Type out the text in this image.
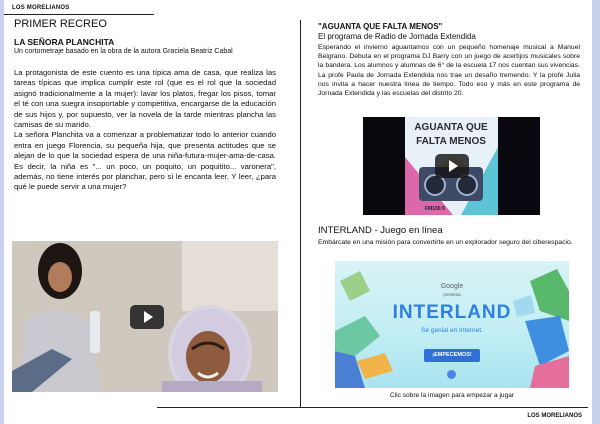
LOS MORELIANOS
LOS MORELIANOS
PRIMER RECREO
LA SEÑORA PLANCHITA
Un cortometraje basado en la obra de la autora Graciela Beatriz Cabal
La protagonista de este cuento es una típica ama de casa, que realiza las tareas típicas que implica cumplir este rol (que es el rol que la sociedad asignó tradicionalmente a la mujer): lavar los platos, fregar los pisos, tomar el té con una suegra insoportable y competitiva, encargarse de la educación de sus hijos y, por supuesto, ver la novela de la tarde mientras plancha las camisas de su marido.
La señora Planchita va a comenzar a problematizar todo lo anterior cuando entra en juego Florencia, su pequeña hija, que presenta actitudes que se alejan de lo que la sociedad espera de una niña-futura-mujer-ama-de-casa. Es decir, la niña es "... un poco, un poquito, un poquitito... varonera", además, no tiene interés por planchar, pero sí le encanta leer. Y leer, ¿para qué le puede servir a una mujer?
"AGUANTA QUE FALTA MENOS"
El programa de Radio de Jornada Extendida
Esperando el invierno aguantamos con un pequeño homenaje musical a Manuel Belgrano. Debuta en el programa DJ Barry con un juego de acertijos musicales sobre la bandera. Los alumnos y alumnas de 6° de la escuela 17 nos cuentan sus vivencias. La profe Paula de Jornada Extendida nos trae un desafío tremendo. Y la profe Julia nos invita a hacer nuestra línea de tiempo. Todo eso y más en este programa de Jornada Extendida y las escuelas del distrito 20.
AGUANTA QUE
FALTA MENOS
FM100.9
INTERLAND - Juego en línea
Embárcate en una misión para convertirte en un explorador seguro del ciberespacio.
Google
presenta
INTERLAND
Sé genial en Internet.
¡EMPECEMOS!
Clic sobre la imagen para empezar a jugar
